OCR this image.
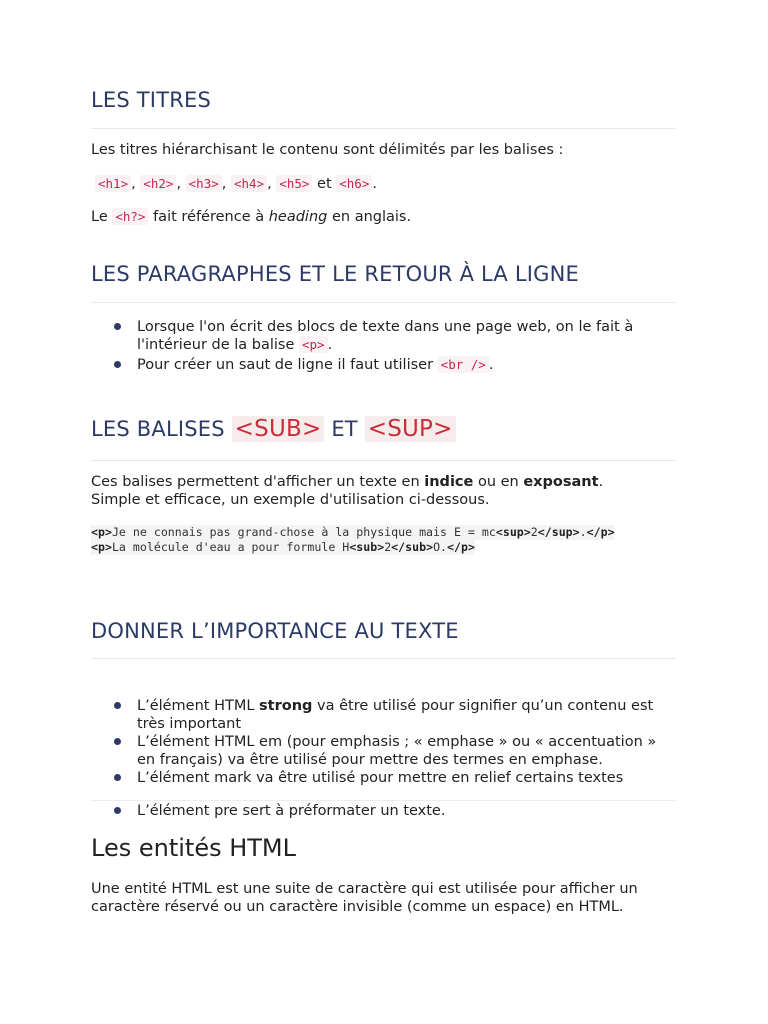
LES TITRES

Les titres hiérarchisant le contenu sont délimités par les balises :

<h1> , <h2> , <h3> , <h4> , <h5> et <h6> .

Le <h?> fait référence à heading en anglais.

LES PARAGRAPHES ET LE RETOUR À LA LIGNE
Lorsque l'on écrit des blocs de texte dans une page web, on le fait à l'intérieur de la balise <p> .
Pour créer un saut de ligne il faut utiliser <br /> .
LES BALISES <SUB> ET <SUP>

Ces balises permettent d'afficher un texte en indice ou en exposant.
Simple et efficace, un exemple d'utilisation ci-dessous.

<p>Je ne connais pas grand-chose à la physique mais E = mc<sup>2</sup>.</p>
<p>La molécule d'eau a pour formule H<sub>2</sub>O.</p>
DONNER L’IMPORTANCE AU TEXTE
L’élément HTML strong va être utilisé pour signifier qu’un contenu est très important
L’élément HTML em (pour emphasis ; « emphase » ou « accentuation » en français) va être utilisé pour mettre des termes en emphase.
L’élément mark va être utilisé pour mettre en relief certains textes
L’élément pre sert à préformater un texte.
Les entités HTML

Une entité HTML est une suite de caractère qui est utilisée pour afficher un caractère réservé ou un caractère invisible (comme un espace) en HTML.
